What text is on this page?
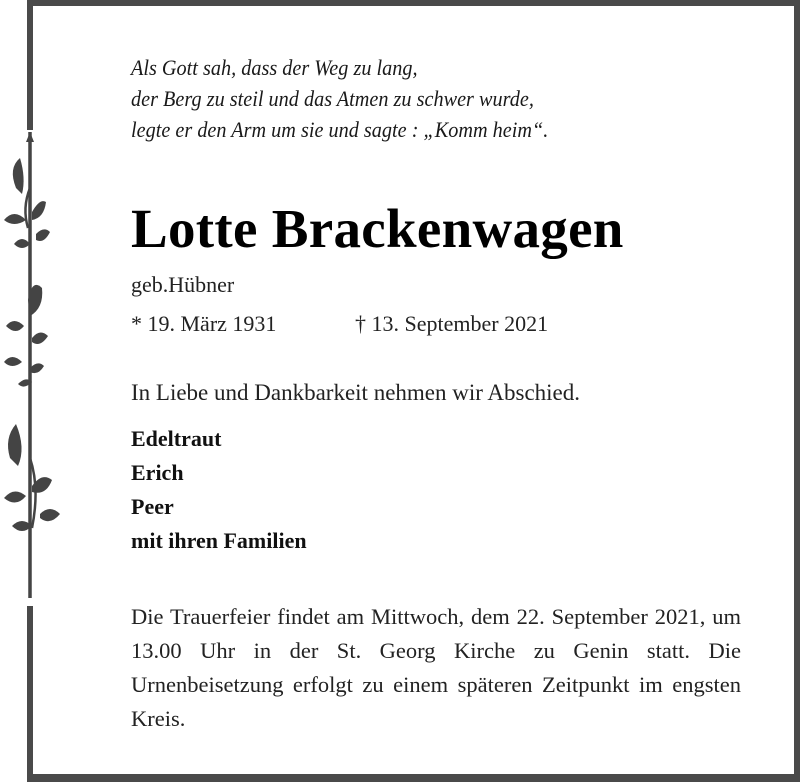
Als Gott sah, dass der Weg zu lang,
der Berg zu steil und das Atmen zu schwer wurde,
legte er den Arm um sie und sagte : „Komm heim“.
Lotte Brackenwagen
geb.Hübner
* 19. März 1931	† 13. September 2021
In Liebe und Dankbarkeit nehmen wir Abschied.
Edeltraut
Erich
Peer
mit ihren Familien
Die Trauerfeier findet am Mittwoch, dem 22. September 2021, um 13.00 Uhr in der St. Georg Kirche zu Genin statt. Die Urnenbeisetzung erfolgt zu einem späteren Zeitpunkt im engsten Kreis.
